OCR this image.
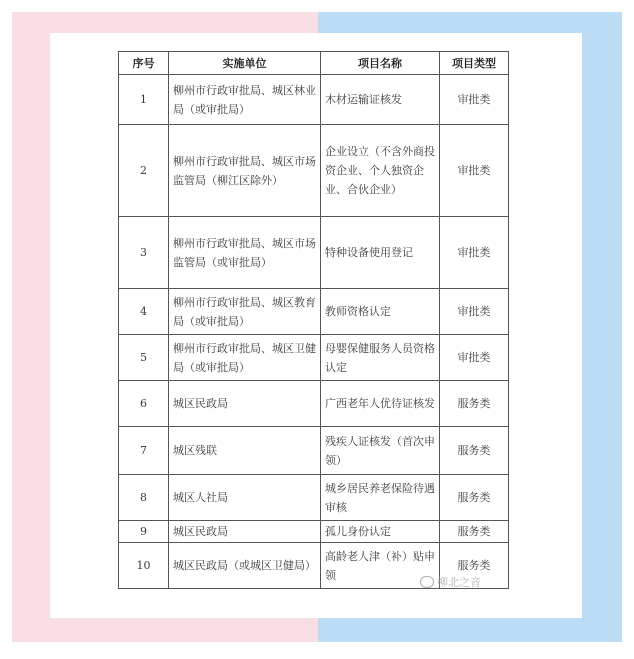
序号	实施单位	项目名称	项目类型
1	柳州市行政审批局、城区林业局（或审批局）	木材运输证核发	审批类
2	柳州市行政审批局、城区市场监管局（柳江区除外）	企业设立（不含外商投资企业、个人独资企业、合伙企业）	审批类
3	柳州市行政审批局、城区市场监管局（或审批局）	特种设备使用登记	审批类
4	柳州市行政审批局、城区教育局（或审批局）	教师资格认定	审批类
5	柳州市行政审批局、城区卫健局（或审批局）	母婴保健服务人员资格认定	审批类
6	城区民政局	广西老年人优待证核发	服务类
7	城区残联	残疾人证核发（首次申领）	服务类
8	城区人社局	城乡居民养老保险待遇审核	服务类
9	城区民政局	孤儿身份认定	服务类
10	城区民政局（或城区卫健局）	高龄老人津（补）贴申领	服务类
柳北之音
